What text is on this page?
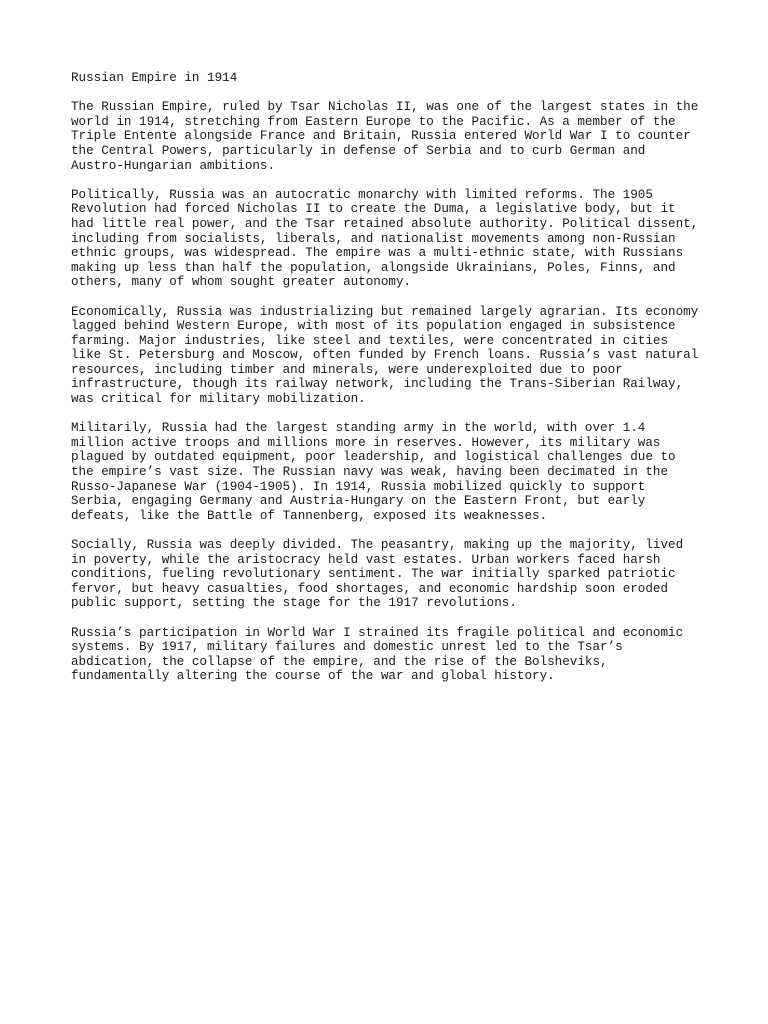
Russian Empire in 1914
The Russian Empire, ruled by Tsar Nicholas II, was one of the largest states in the
world in 1914, stretching from Eastern Europe to the Pacific. As a member of the
Triple Entente alongside France and Britain, Russia entered World War I to counter
the Central Powers, particularly in defense of Serbia and to curb German and
Austro-Hungarian ambitions.
Politically, Russia was an autocratic monarchy with limited reforms. The 1905
Revolution had forced Nicholas II to create the Duma, a legislative body, but it
had little real power, and the Tsar retained absolute authority. Political dissent,
including from socialists, liberals, and nationalist movements among non-Russian
ethnic groups, was widespread. The empire was a multi-ethnic state, with Russians
making up less than half the population, alongside Ukrainians, Poles, Finns, and
others, many of whom sought greater autonomy.
Economically, Russia was industrializing but remained largely agrarian. Its economy
lagged behind Western Europe, with most of its population engaged in subsistence
farming. Major industries, like steel and textiles, were concentrated in cities
like St. Petersburg and Moscow, often funded by French loans. Russia’s vast natural
resources, including timber and minerals, were underexploited due to poor
infrastructure, though its railway network, including the Trans-Siberian Railway,
was critical for military mobilization.
Militarily, Russia had the largest standing army in the world, with over 1.4
million active troops and millions more in reserves. However, its military was
plagued by outdated equipment, poor leadership, and logistical challenges due to
the empire’s vast size. The Russian navy was weak, having been decimated in the
Russo-Japanese War (1904-1905). In 1914, Russia mobilized quickly to support
Serbia, engaging Germany and Austria-Hungary on the Eastern Front, but early
defeats, like the Battle of Tannenberg, exposed its weaknesses.
Socially, Russia was deeply divided. The peasantry, making up the majority, lived
in poverty, while the aristocracy held vast estates. Urban workers faced harsh
conditions, fueling revolutionary sentiment. The war initially sparked patriotic
fervor, but heavy casualties, food shortages, and economic hardship soon eroded
public support, setting the stage for the 1917 revolutions.
Russia’s participation in World War I strained its fragile political and economic
systems. By 1917, military failures and domestic unrest led to the Tsar’s
abdication, the collapse of the empire, and the rise of the Bolsheviks,
fundamentally altering the course of the war and global history.
